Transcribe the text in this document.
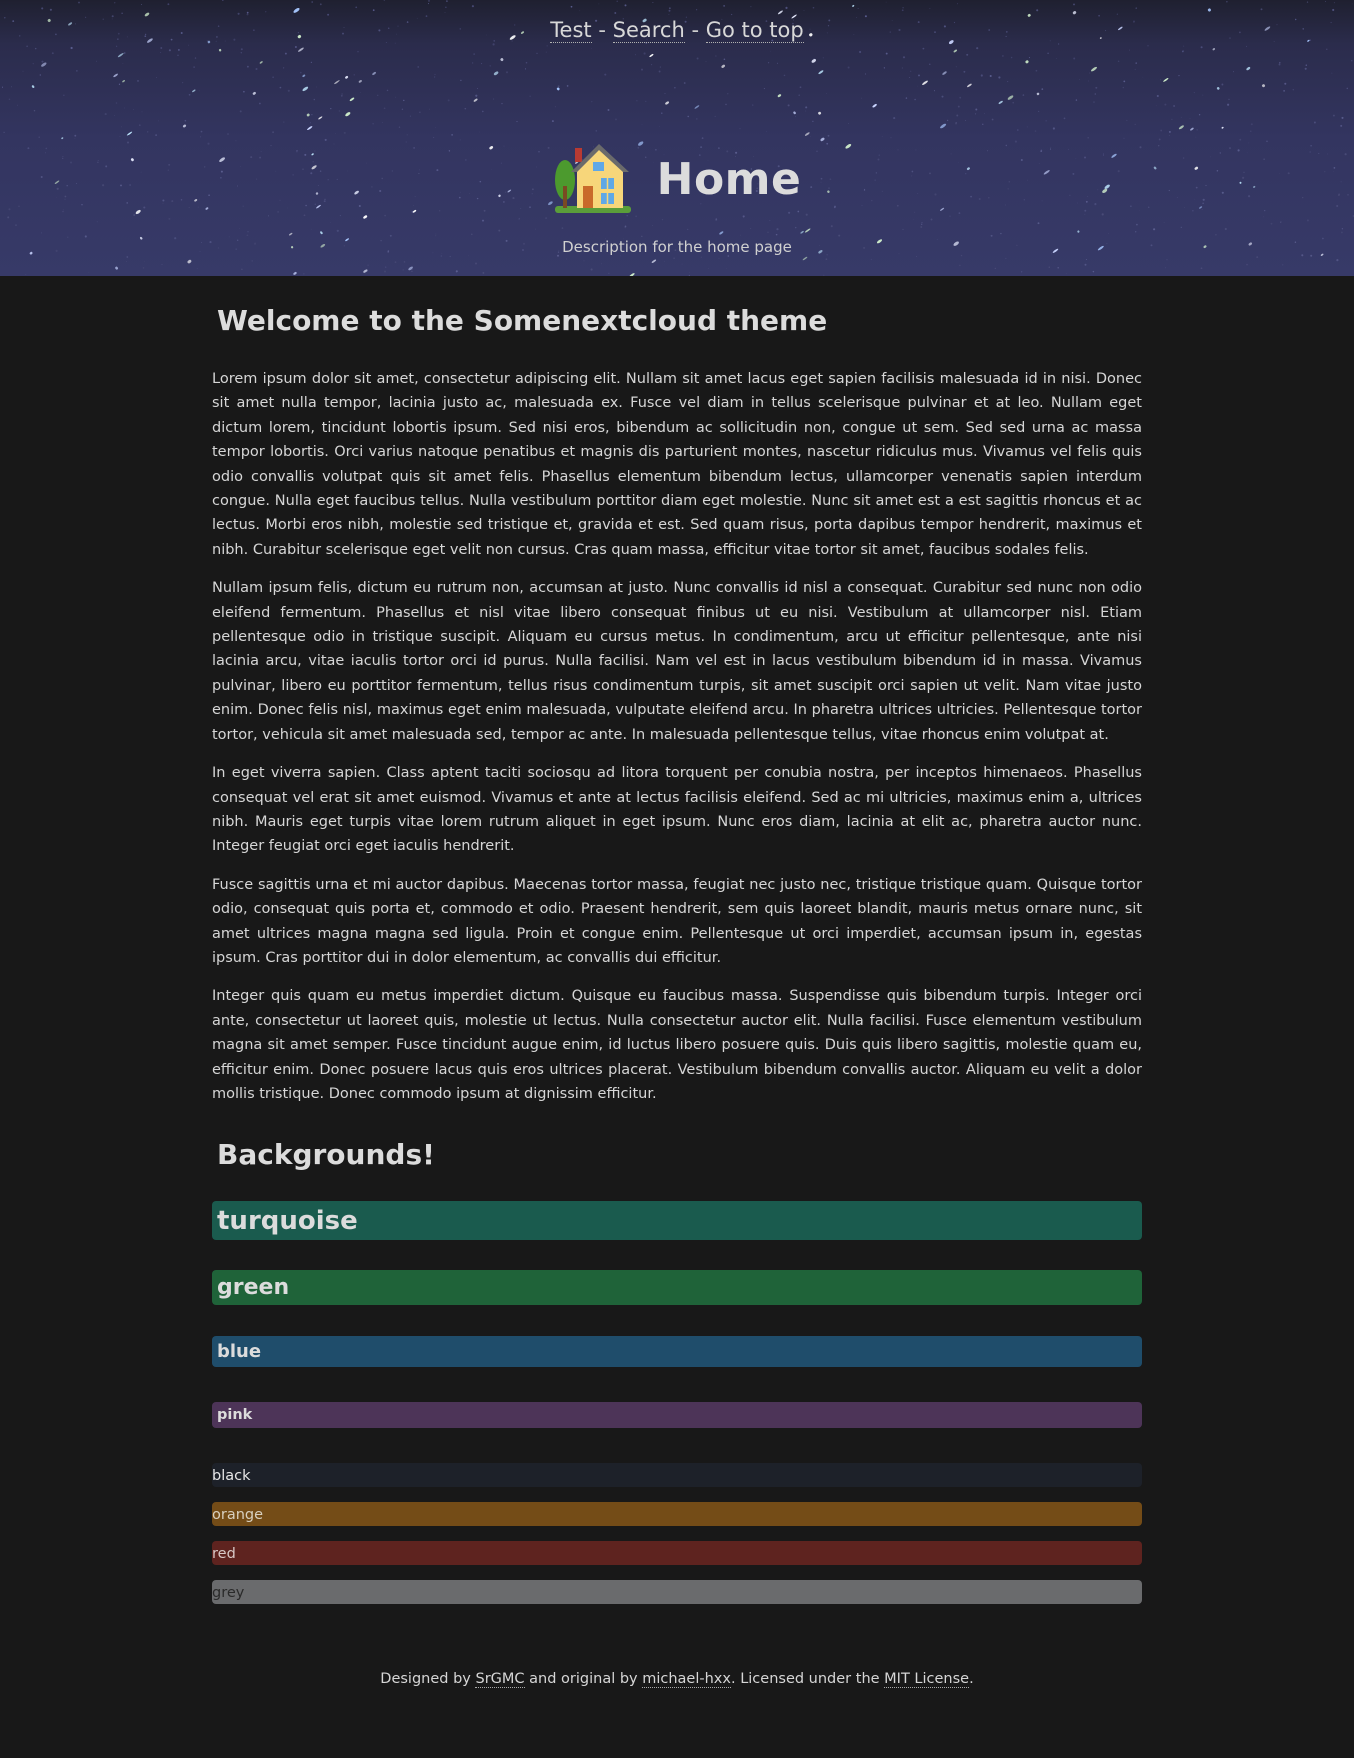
Test - Search - Go to top
Home
Description for the home page
Welcome to the Somenextcloud theme

Lorem ipsum dolor sit amet, consectetur adipiscing elit. Nullam sit amet lacus eget sapien facilisis malesuada id in nisi. Donec sit amet nulla tempor, lacinia justo ac, malesuada ex. Fusce vel diam in tellus scelerisque pulvinar et at leo. Nullam eget dictum lorem, tincidunt lobortis ipsum. Sed nisi eros, bibendum ac sollicitudin non, congue ut sem. Sed sed urna ac massa tempor lobortis. Orci varius natoque penatibus et magnis dis parturient montes, nascetur ridiculus mus. Vivamus vel felis quis odio convallis volutpat quis sit amet felis. Phasellus elementum bibendum lectus, ullamcorper venenatis sapien interdum congue. Nulla eget faucibus tellus. Nulla vestibulum porttitor diam eget molestie. Nunc sit amet est a est sagittis rhoncus et ac lectus. Morbi eros nibh, molestie sed tristique et, gravida et est. Sed quam risus, porta dapibus tempor hendrerit, maximus et nibh. Curabitur scelerisque eget velit non cursus. Cras quam massa, efficitur vitae tortor sit amet, faucibus sodales felis.

Nullam ipsum felis, dictum eu rutrum non, accumsan at justo. Nunc convallis id nisl a consequat. Curabitur sed nunc non odio eleifend fermentum. Phasellus et nisl vitae libero consequat finibus ut eu nisi. Vestibulum at ullamcorper nisl. Etiam pellentesque odio in tristique suscipit. Aliquam eu cursus metus. In condimentum, arcu ut efficitur pellentesque, ante nisi lacinia arcu, vitae iaculis tortor orci id purus. Nulla facilisi. Nam vel est in lacus vestibulum bibendum id in massa. Vivamus pulvinar, libero eu porttitor fermentum, tellus risus condimentum turpis, sit amet suscipit orci sapien ut velit. Nam vitae justo enim. Donec felis nisl, maximus eget enim malesuada, vulputate eleifend arcu. In pharetra ultrices ultricies. Pellentesque tortor tortor, vehicula sit amet malesuada sed, tempor ac ante. In malesuada pellentesque tellus, vitae rhoncus enim volutpat at.

In eget viverra sapien. Class aptent taciti sociosqu ad litora torquent per conubia nostra, per inceptos himenaeos. Phasellus consequat vel erat sit amet euismod. Vivamus et ante at lectus facilisis eleifend. Sed ac mi ultricies, maximus enim a, ultrices nibh. Mauris eget turpis vitae lorem rutrum aliquet in eget ipsum. Nunc eros diam, lacinia at elit ac, pharetra auctor nunc. Integer feugiat orci eget iaculis hendrerit.

Fusce sagittis urna et mi auctor dapibus. Maecenas tortor massa, feugiat nec justo nec, tristique tristique quam. Quisque tortor odio, consequat quis porta et, commodo et odio. Praesent hendrerit, sem quis laoreet blandit, mauris metus ornare nunc, sit amet ultrices magna magna sed ligula. Proin et congue enim. Pellentesque ut orci imperdiet, accumsan ipsum in, egestas ipsum. Cras porttitor dui in dolor elementum, ac convallis dui efficitur.

Integer quis quam eu metus imperdiet dictum. Quisque eu faucibus massa. Suspendisse quis bibendum turpis. Integer orci ante, consectetur ut laoreet quis, molestie ut lectus. Nulla consectetur auctor elit. Nulla facilisi. Fusce elementum vestibulum magna sit amet semper. Fusce tincidunt augue enim, id luctus libero posuere quis. Duis quis libero sagittis, molestie quam eu, efficitur enim. Donec posuere lacus quis eros ultrices placerat. Vestibulum bibendum convallis auctor. Aliquam eu velit a dolor mollis tristique. Donec commodo ipsum at dignissim efficitur.

Backgrounds!
turquoise
green
blue
pink
black
orange
red
grey
Designed by SrGMC and original by michael-hxx. Licensed under the MIT License.
